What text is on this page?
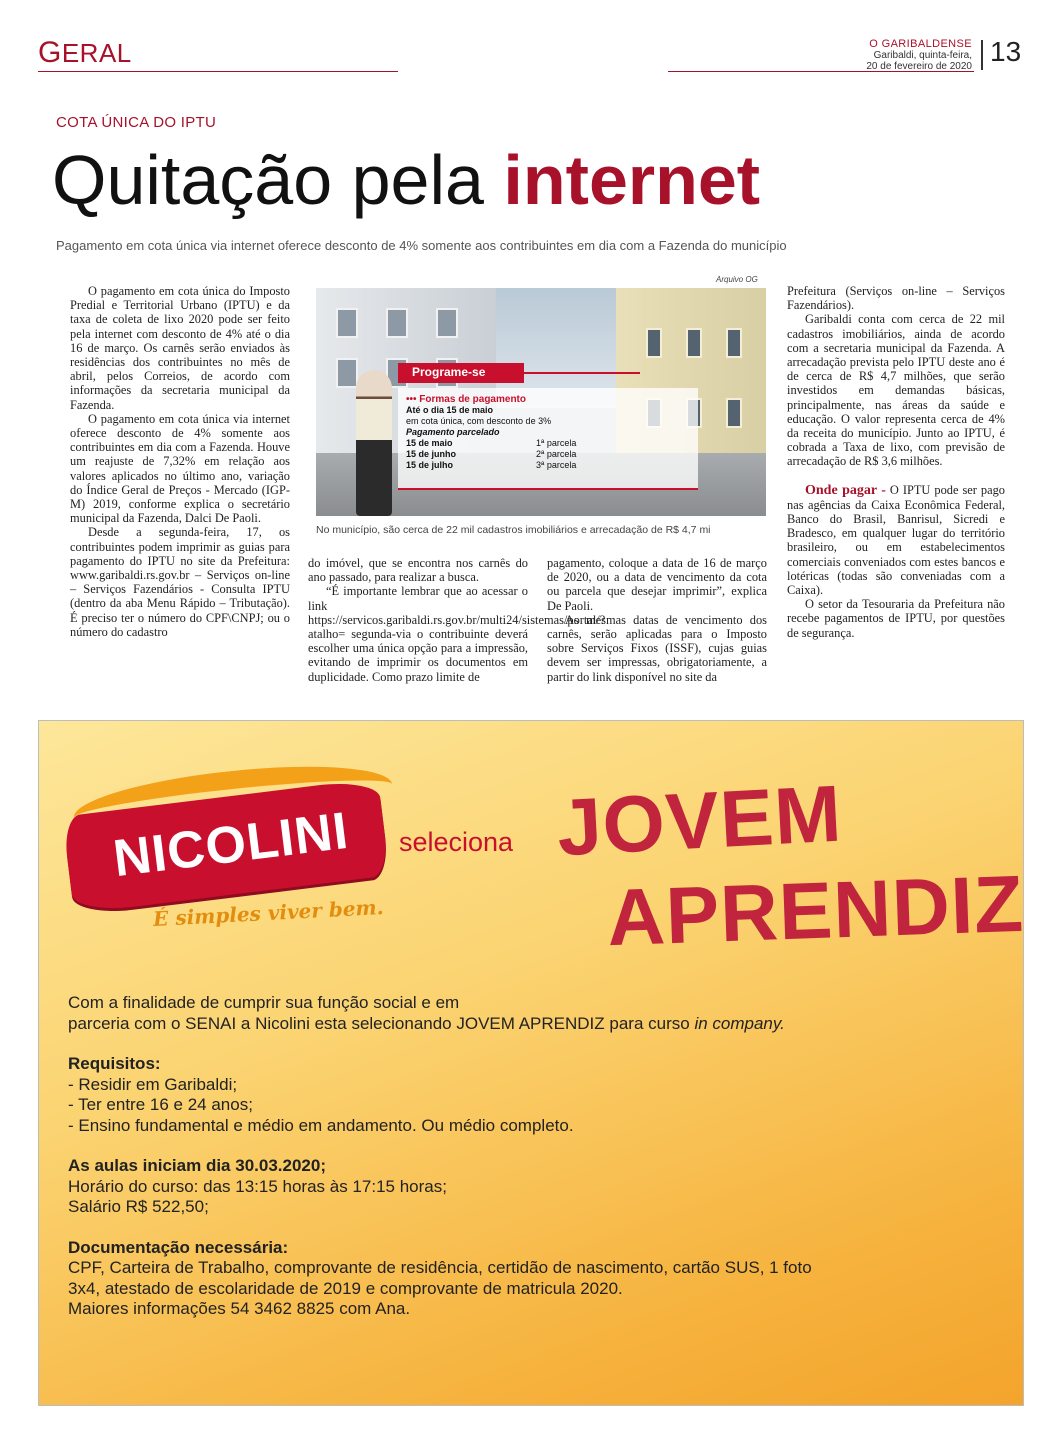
GERAL	O GARIBALDENSE
Garibaldi, quinta-feira,
20 de fevereiro de 2020 13
COTA ÚNICA DO IPTU
Quitação pela internet
Pagamento em cota única via internet oferece desconto de 4% somente aos contribuintes em dia com a Fazenda do município

O pagamento em cota única do Imposto Predial e Territorial Urbano (IPTU) e da taxa de coleta de lixo 2020 pode ser feito pela internet com desconto de 4% até o dia 16 de março. Os carnês serão enviados às residências dos contribuintes no mês de abril, pelos Correios, de acordo com informações da secretaria municipal da Fazenda.

O pagamento em cota única via internet oferece desconto de 4% somente aos contribuintes em dia com a Fazenda. Houve um reajuste de 7,32% em relação aos valores aplicados no último ano, variação do Índice Geral de Preços - Mercado (IGP-M) 2019, conforme explica o secretário municipal da Fazenda, Dalci De Paoli.

Desde a segunda-feira, 17, os contribuintes podem imprimir as guias para pagamento do IPTU no site da Prefeitura: www.garibaldi.rs.gov.br – Serviços on-line – Serviços Fazendários - Consulta IPTU (dentro da aba Menu Rápido – Tributação). É preciso ter o número do CPF\CNPJ; ou o número do cadastro

Arquivo OG
Programe-se
••• Formas de pagamento
Até o dia 15 de maio
em cota única, com desconto de 3%
Pagamento parcelado
15 de maio	1ª parcela
15 de junho	2ª parcela
15 de julho	3ª parcela
No município, são cerca de 22 mil cadastros imobiliários e arrecadação de R$ 4,7 mi

do imóvel, que se encontra nos carnês do ano passado, para realizar a busca.

“É importante lembrar que ao acessar o link https://servicos.garibaldi.rs.gov.br/multi24/sistemas/portal/?atalho= segunda-via o contribuinte deverá escolher uma única opção para a impressão, evitando de imprimir os documentos em duplicidade. Como prazo limite de

pagamento, coloque a data de 16 de março de 2020, ou a data de vencimento da cota ou parcela que desejar imprimir”, explica De Paoli.

As mesmas datas de vencimento dos carnês, serão aplicadas para o Imposto sobre Serviços Fixos (ISSF), cujas guias devem ser impressas, obrigatoriamente, a partir do link disponível no site da

Prefeitura (Serviços on-line – Serviços Fazendários).

Garibaldi conta com cerca de 22 mil cadastros imobiliários, ainda de acordo com a secretaria municipal da Fazenda. A arrecadação prevista pelo IPTU deste ano é de cerca de R$ 4,7 milhões, que serão investidos em demandas básicas, principalmente, nas áreas da saúde e educação. O valor representa cerca de 4% da receita do município. Junto ao IPTU, é cobrada a Taxa de lixo, com previsão de arrecadação de R$ 3,6 milhões.

Onde pagar - O IPTU pode ser pago nas agências da Caixa Econômica Federal, Banco do Brasil, Banrisul, Sicredi e Bradesco, em qualquer lugar do território brasileiro, ou em estabelecimentos comerciais conveniados com estes bancos e lotéricas (todas são conveniadas com a Caixa).

O setor da Tesouraria da Prefeitura não recebe pagamentos de IPTU, por questões de segurança.

NICOLINI
É simples viver bem.
seleciona JOVEM
APRENDIZ
Com a finalidade de cumprir sua função social e em
parceria com o SENAI a Nicolini esta selecionando JOVEM APRENDIZ para curso in company.
Requisitos:
- Residir em Garibaldi;
- Ter entre 16 e 24 anos;
- Ensino fundamental e médio em andamento. Ou médio completo.
As aulas iniciam dia 30.03.2020;
Horário do curso: das 13:15 horas às 17:15 horas;
Salário R$ 522,50;
Documentação necessária:
CPF, Carteira de Trabalho, comprovante de residência, certidão de nascimento, cartão SUS, 1 foto
3x4, atestado de escolaridade de 2019 e comprovante de matricula 2020.
Maiores informações 54 3462 8825 com Ana.
